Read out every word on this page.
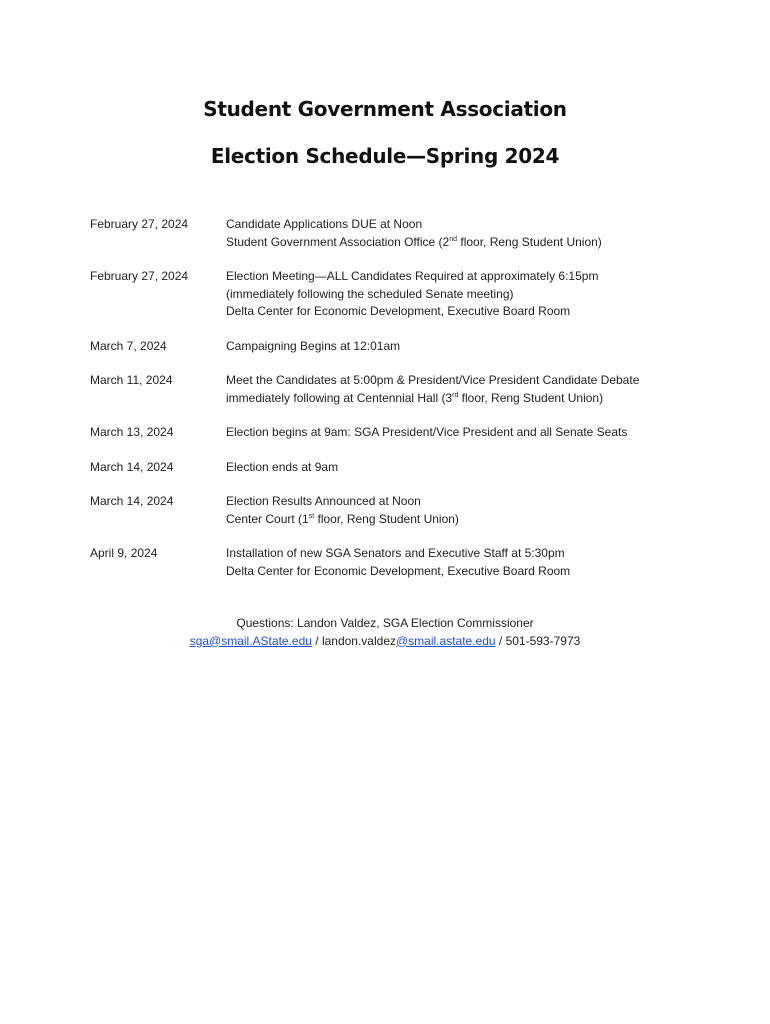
Student Government Association
Election Schedule—Spring 2024
February 27, 2024	Candidate Applications DUE at Noon
Student Government Association Office (2nd floor, Reng Student Union)
February 27, 2024	Election Meeting—ALL Candidates Required at approximately 6:15pm
(immediately following the scheduled Senate meeting)
Delta Center for Economic Development, Executive Board Room
March 7, 2024	Campaigning Begins at 12:01am
March 11, 2024	Meet the Candidates at 5:00pm & President/Vice President Candidate Debate
immediately following at Centennial Hall (3rd floor, Reng Student Union)
March 13, 2024	Election begins at 9am: SGA President/Vice President and all Senate Seats
March 14, 2024	Election ends at 9am
March 14, 2024	Election Results Announced at Noon
Center Court (1st floor, Reng Student Union)
April 9, 2024	Installation of new SGA Senators and Executive Staff at 5:30pm
Delta Center for Economic Development, Executive Board Room
Questions: Landon Valdez, SGA Election Commissioner
sga@smail.AState.edu / landon.valdez@smail.astate.edu / 501-593-7973
